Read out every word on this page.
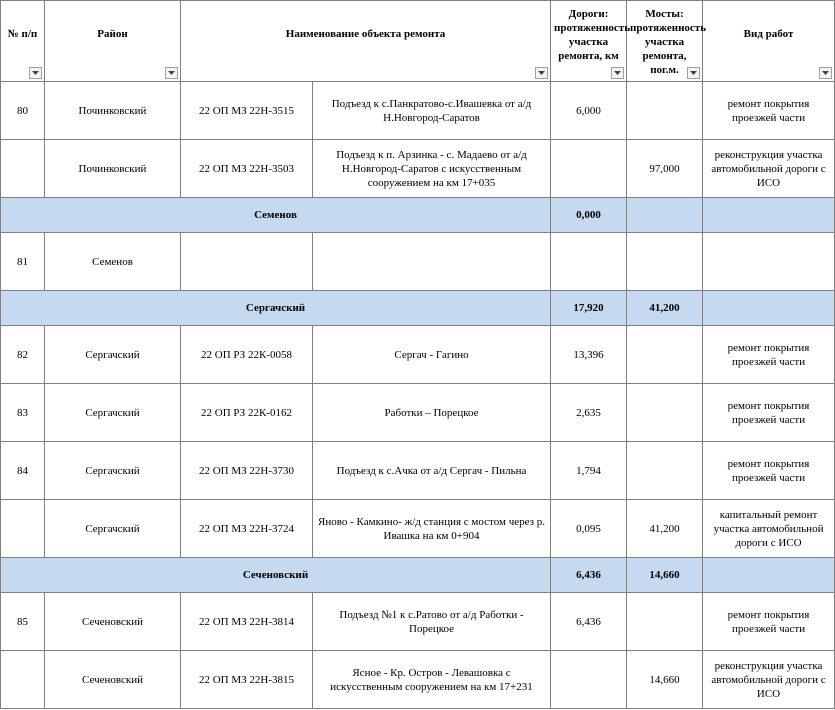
№ п/п	Район	Наименование объекта ремонта		Дороги: протяженность участка ремонта, км	Мосты: протяженность участка ремонта, пог.м.	Вид работ

80	Починковский	22 ОП МЗ 22Н-3515	Подъезд к с.Панкратово-с.Ивашевка от а/д Н.Новгород-Саратов	6,000		ремонт покрытия проезжей части
	Починковский	22 ОП МЗ 22Н-3503	Подъезд к п. Арзинка - с. Мадаево от а/д Н.Новгород-Саратов с искусственным сооружением на км 17+035		97,000	реконструкция участка автомобильной дороги с ИСО
Семенов				0,000		
81	Семенов					
Сергачский				17,920	41,200	
82	Сергачский	22 ОП РЗ 22К-0058	Сергач - Гагино	13,396		ремонт покрытия проезжей части
83	Сергачский	22 ОП РЗ 22К-0162	Работки – Порецкое	2,635		ремонт покрытия проезжей части
84	Сергачский	22 ОП МЗ 22Н-3730	Подъезд к с.Ачка от а/д Сергач - Пильна	1,794		ремонт покрытия проезжей части
	Сергачский	22 ОП МЗ 22Н-3724	Яново - Камкино- ж/д станция с мостом через р. Ивашка на км 0+904	0,095	41,200	капитальный ремонт участка автомобильной дороги с ИСО
Сеченовский				6,436	14,660	
85	Сеченовский	22 ОП МЗ 22Н-3814	Подъезд №1 к с.Ратово от а/д Работки - Порецкое	6,436		ремонт покрытия проезжей части
	Сеченовский	22 ОП МЗ 22Н-3815	Ясное - Кр. Остров - Левашовка с искусственным сооружением на км 17+231		14,660	реконструкция участка автомобильной дороги с ИСО
